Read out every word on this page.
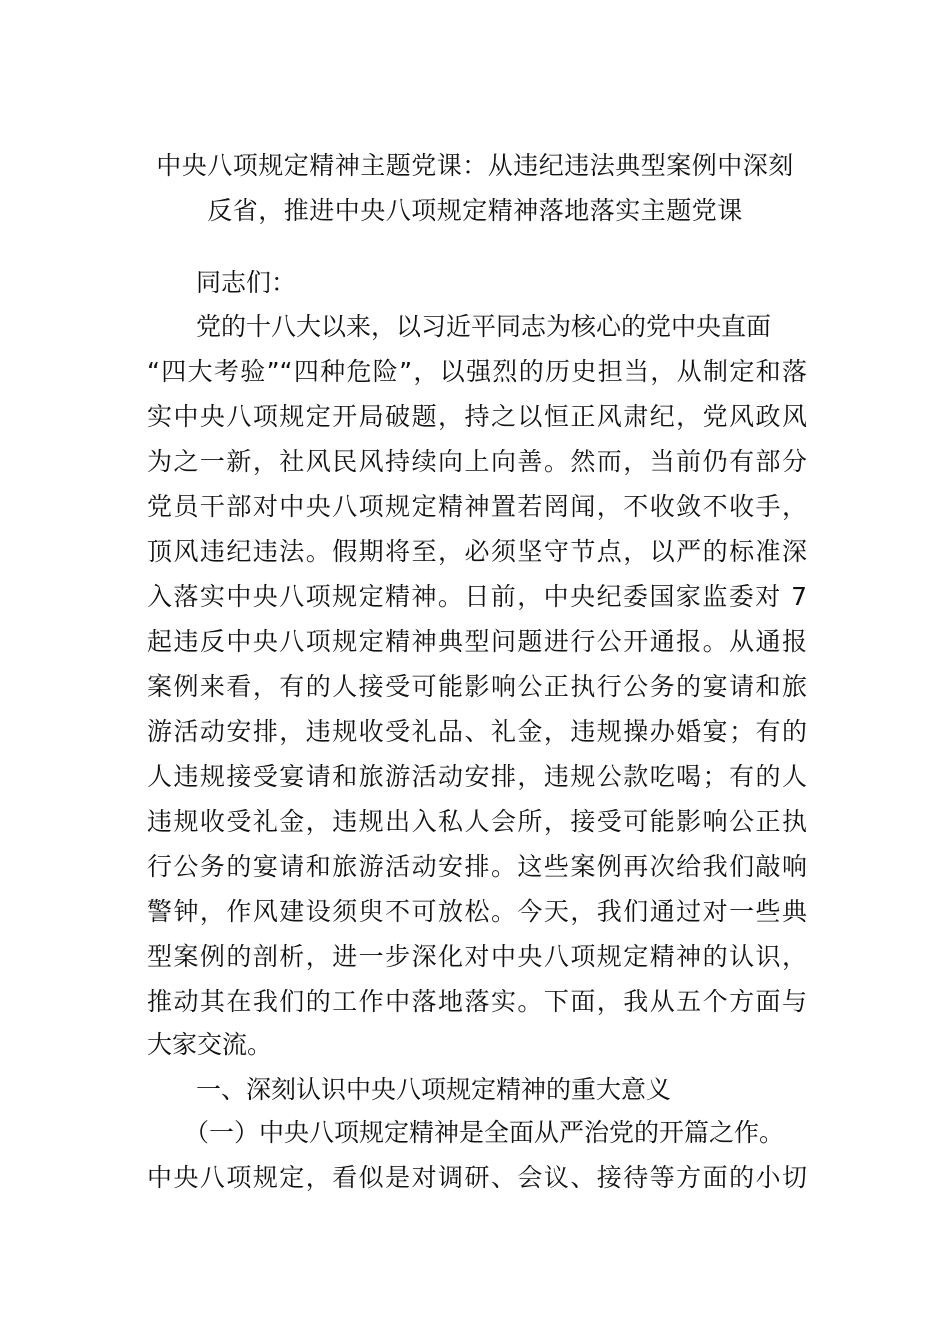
中央八项规定精神主题党课：从违纪违法典型案例中深刻
反省，推进中央八项规定精神落地落实主题党课
同志们：
党的十八大以来，以习近平同志为核心的党中央直面
“四大考验”“四种危险”，以强烈的历史担当，从制定和落
实中央八项规定开局破题，持之以恒正风肃纪，党风政风
为之一新，社风民风持续向上向善。然而，当前仍有部分
党员干部对中央八项规定精神置若罔闻，不收敛不收手，
顶风违纪违法。假期将至，必须坚守节点，以严的标准深
入落实中央八项规定精神。日前，中央纪委国家监委对 7
起违反中央八项规定精神典型问题进行公开通报。从通报
案例来看，有的人接受可能影响公正执行公务的宴请和旅
游活动安排，违规收受礼品、礼金，违规操办婚宴；有的
人违规接受宴请和旅游活动安排，违规公款吃喝；有的人
违规收受礼金，违规出入私人会所，接受可能影响公正执
行公务的宴请和旅游活动安排。这些案例再次给我们敲响
警钟，作风建设须臾不可放松。今天，我们通过对一些典
型案例的剖析，进一步深化对中央八项规定精神的认识，
推动其在我们的工作中落地落实。下面，我从五个方面与
大家交流。
一、深刻认识中央八项规定精神的重大意义
（一）中央八项规定精神是全面从严治党的开篇之作。
中央八项规定，看似是对调研、会议、接待等方面的小切
